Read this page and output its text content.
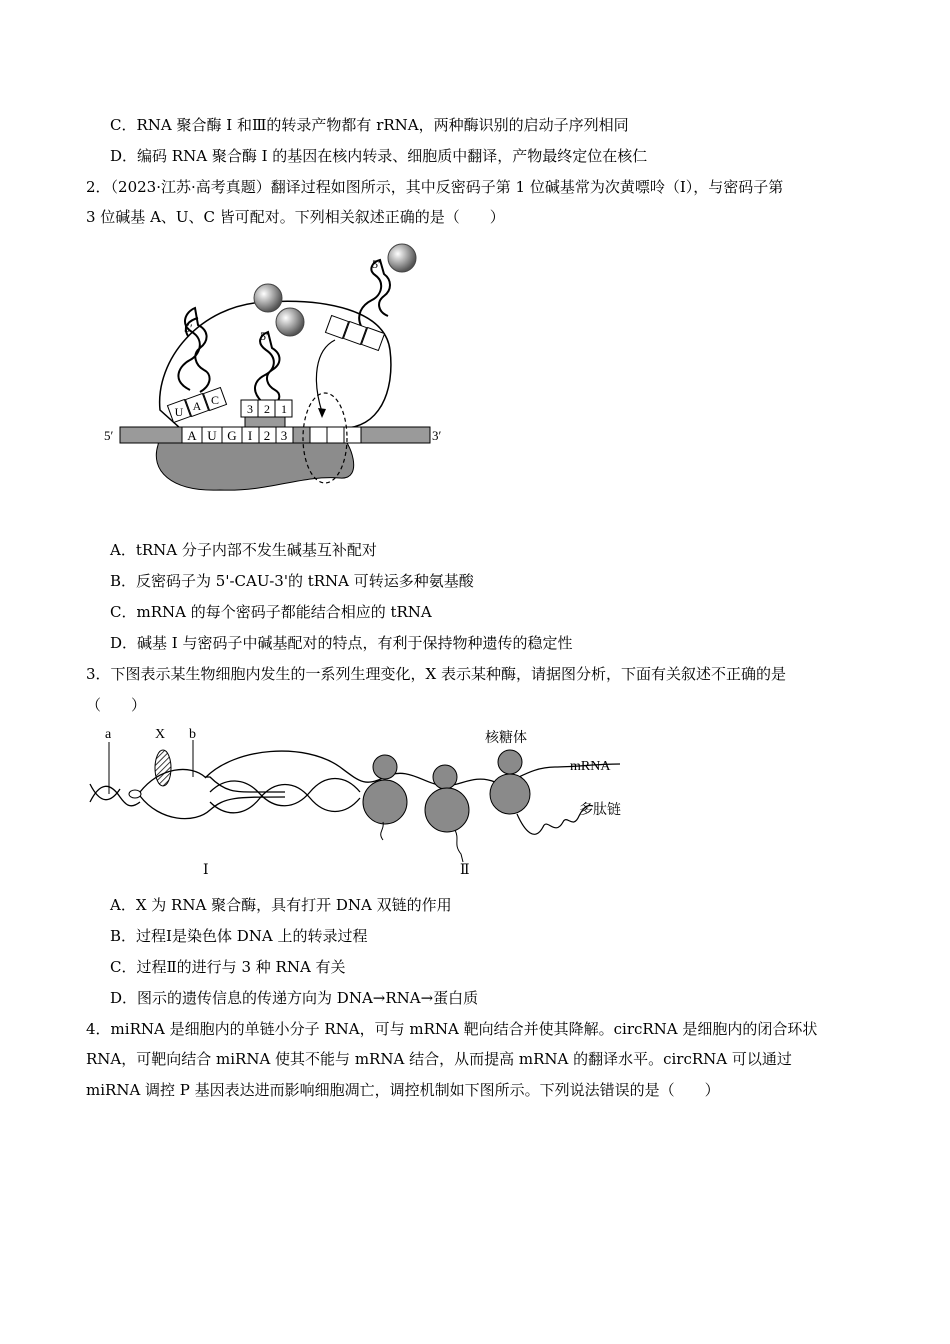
C．RNA 聚合酶 I 和Ⅲ的转录产物都有 rRNA，两种酶识别的启动子序列相同
D．编码 RNA 聚合酶 I 的基因在核内转录、细胞质中翻译，产物最终定位在核仁
2．（2023·江苏·高考真题）翻译过程如图所示，其中反密码子第 1 位碱基常为次黄嘌呤（I），与密码子第
3 位碱基 A、U、C 皆可配对。下列相关叙述正确的是（　　）
A U G I 2 3
5′	3′
U A C
5′
3 2 1
5′
5′
A．tRNA 分子内部不发生碱基互补配对
B．反密码子为 5'-CAU-3'的 tRNA 可转运多种氨基酸
C．mRNA 的每个密码子都能结合相应的 tRNA
D．碱基 I 与密码子中碱基配对的特点，有利于保持物种遗传的稳定性
3．下图表示某生物细胞内发生的一系列生理变化，X 表示某种酶，请据图分析，下面有关叙述不正确的是
（　　）
a	X b	核糖体
mRNA
多肽链
Ⅰ	Ⅱ
A．X 为 RNA 聚合酶，具有打开 DNA 双链的作用
B．过程Ⅰ是染色体 DNA 上的转录过程
C．过程Ⅱ的进行与 3 种 RNA 有关
D．图示的遗传信息的传递方向为 DNA→RNA→蛋白质
4．miRNA 是细胞内的单链小分子 RNA，可与 mRNA 靶向结合并使其降解。circRNA 是细胞内的闭合环状
RNA，可靶向结合 miRNA 使其不能与 mRNA 结合，从而提高 mRNA 的翻译水平。circRNA 可以通过
miRNA 调控 P 基因表达进而影响细胞凋亡，调控机制如下图所示。下列说法错误的是（　　）
